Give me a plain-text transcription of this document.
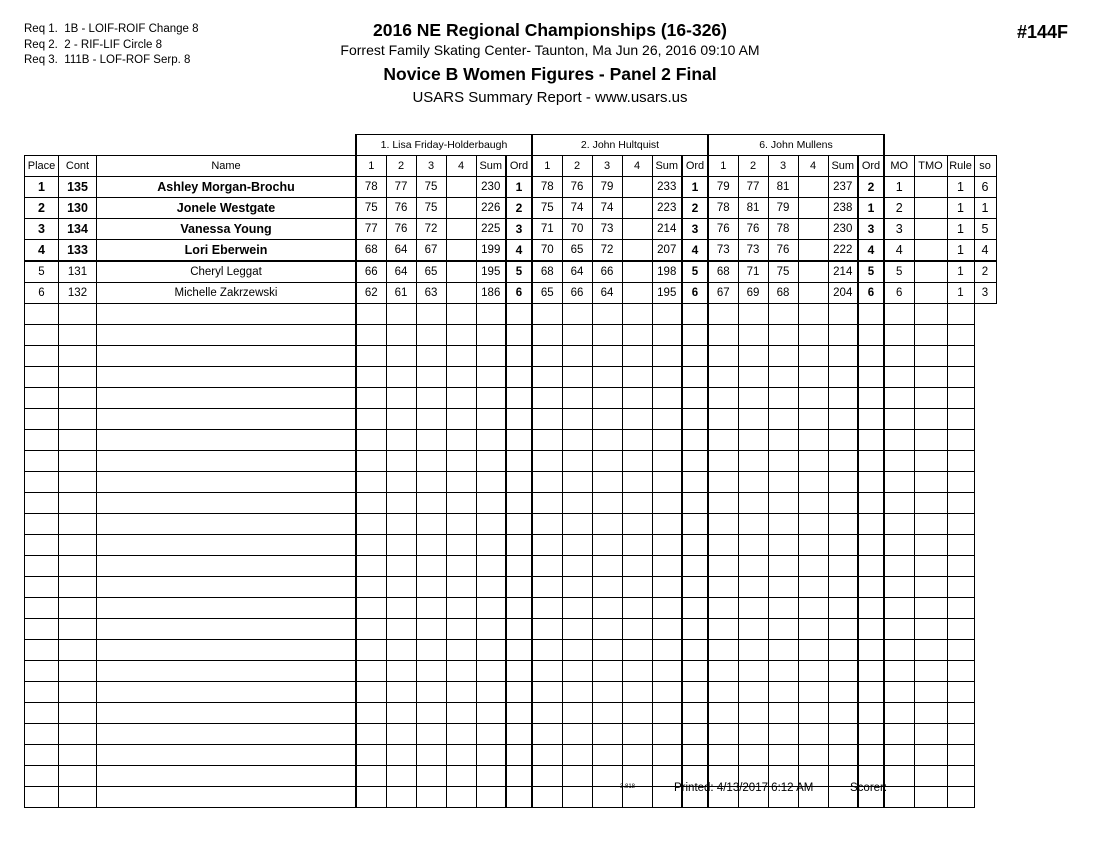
Req 1.  1B - LOIF-ROIF Change 8
Req 2.  2 - RIF-LIF Circle 8
Req 3.  111B - LOF-ROF Serp. 8
2016 NE Regional Championships (16-326)
Forrest Family Skating Center- Taunton, Ma Jun 26, 2016 09:10 AM
Novice B Women Figures - Panel 2 Final
USARS Summary Report - www.usars.us
#144F
			1. Lisa Friday-Holderbaugh						2. John Hultquist						6. John Mullens									
Place	Cont	Name	1	2	3	4	Sum	Ord	1	2	3	4	Sum	Ord	1	2	3	4	Sum	Ord	MO	TMO	Rule	so
1	135	Ashley Morgan-Brochu	78	77	75		230	1	78	76	79		233	1	79	77	81		237	2	1		1	6
2	130	Jonele Westgate	75	76	75		226	2	75	74	74		223	2	78	81	79		238	1	2		1	1
3	134	Vanessa Young	77	76	72		225	3	71	70	73		214	3	76	76	78		230	3	3		1	5
4	133	Lori Eberwein	68	64	67		199	4	70	65	72		207	4	73	73	76		222	4	4		1	4
5	131	Cheryl Leggat	66	64	65		195	5	68	64	66		198	5	68	71	75		214	5	5		1	2
6	132	Michelle Zakrzewski	62	61	63		186	6	65	66	64		195	6	67	69	68		204	6	6		1	3

3.818	Printed: 4/13/2017 6:12 AM	Scorer:
